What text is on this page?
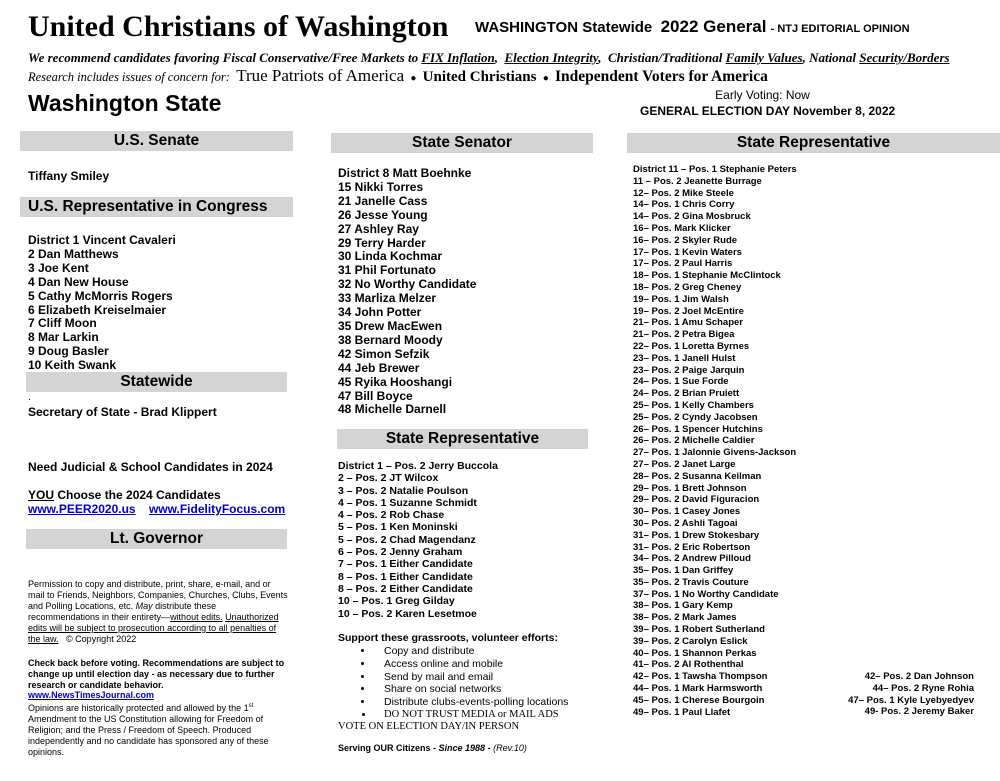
United Christians of Washington WASHINGTON Statewide 2022 General - NTJ EDITORIAL OPINION
We recommend candidates favoring Fiscal Conservative/Free Markets to FIX Inflation,  Election Integrity,  Christian/Traditional Family Values, National Security/Borders
Research includes issues of concern for: True Patriots of America ● United Christians ● Independent Voters for America
Washington State	Early Voting: Now
GENERAL ELECTION DAY November 8, 2022
U.S. Senate
Tiffany Smiley
U.S. Representative in Congress
District 1 Vincent Cavaleri
2 Dan Matthews
3 Joe Kent
4 Dan New House
5 Cathy McMorris Rogers
6 Elizabeth Kreiselmaier
7 Cliff Moon
8 Mar Larkin
9 Doug Basler
10 Keith Swank
Statewide
.
Secretary of State - Brad Klippert
Need Judicial & School Candidates in 2024
YOU Choose the 2024 Candidates
www.PEER2020.us www.FidelityFocus.com
Lt. Governor
Permission to copy and distribute, print, share, e-mail, and or mail to Friends, Neighbors, Companies, Churches, Clubs, Events and Polling Locations, etc. May distribute these recommendations in their entirety—without edits. Unauthorized edits will be subject to prosecution according to all penalties of the law. © Copyright 2022
Check back before voting. Recommendations are subject to change up until election day - as necessary due to further research or candidate behavior.
www.NewsTimesJournal.com
Opinions are historically protected and allowed by the 1st Amendment to the US Constitution allowing for Freedom of Religion; and the Press / Freedom of Speech. Produced independently and no candidate has sponsored any of these opinions.
State Senator
District 8 Matt Boehnke
15 Nikki Torres
21 Janelle Cass
26 Jesse Young
27 Ashley Ray
29 Terry Harder
30 Linda Kochmar
31 Phil Fortunato
32 No Worthy Candidate
33 Marliza Melzer
34 John Potter
35 Drew MacEwen
38 Bernard Moody
42 Simon Sefzik
44 Jeb Brewer
45 Ryika Hooshangi
47 Bill Boyce
48 Michelle Darnell
State Representative
District 1 – Pos. 2 Jerry Buccola
2 – Pos. 2 JT Wilcox
3 – Pos. 2 Natalie Poulson
4 – Pos. 1 Suzanne Schmidt
4 – Pos. 2 Rob Chase
5 – Pos. 1 Ken Moninski
5 – Pos. 2 Chad Magendanz
6 – Pos. 2 Jenny Graham
7 – Pos. 1 Either Candidate
8 – Pos. 1 Either Candidate
8 – Pos. 2 Either Candidate
10 – Pos. 1 Greg Gilday
10 – Pos. 2 Karen Lesetmoe
Support these grassroots, volunteer efforts:
• Copy and distribute
• Access online and mobile
• Send by mail and email
• Share on social networks
• Distribute clubs-events-polling locations
• DO NOT TRUST MEDIA or MAIL ADS
VOTE ON ELECTION DAY/IN PERSON
Serving OUR Citizens - Since 1988 - (Rev.10)
State Representative
District 11 – Pos. 1 Stephanie Peters
11 – Pos. 2 Jeanette Burrage
12– Pos. 2 Mike Steele
14– Pos. 1 Chris Corry
14– Pos. 2 Gina Mosbruck
16– Pos. Mark Klicker
16– Pos. 2 Skyler Rude
17– Pos. 1 Kevin Waters
17– Pos. 2 Paul Harris
18– Pos. 1 Stephanie McClintock
18– Pos. 2 Greg Cheney
19– Pos. 1 Jim Walsh
19– Pos. 2 Joel McEntire
21– Pos. 1 Amu Schaper
21– Pos. 2 Petra Bigea
22– Pos. 1 Loretta Byrnes
23– Pos. 1 Janell Hulst
23– Pos. 2 Paige Jarquin
24– Pos. 1 Sue Forde
24– Pos. 2 Brian Pruiett
25– Pos. 1 Kelly Chambers
25– Pos. 2 Cyndy Jacobsen
26– Pos. 1 Spencer Hutchins
26– Pos. 2 Michelle Caldier
27– Pos. 1 Jalonnie Givens-Jackson
27– Pos. 2 Janet Large
28– Pos. 2 Susanna Keilman
29– Pos. 1 Brett Johnson
29– Pos. 2 David Figuracion
30– Pos. 1 Casey Jones
30– Pos. 2 Ashli Tagoai
31– Pos. 1 Drew Stokesbary
31– Pos. 2 Eric Robertson
34– Pos. 2 Andrew Pilloud
35– Pos. 1 Dan Griffey
35– Pos. 2 Travis Couture
37– Pos. 1 No Worthy Candidate
38– Pos. 1 Gary Kemp
38– Pos. 2 Mark James
39– Pos. 1 Robert Sutherland
39– Pos. 2 Carolyn Eslick
40– Pos. 1 Shannon Perkas
41– Pos. 2 Al Rothenthal
42– Pos. 1 Tawsha Thompson
44– Pos. 1 Mark Harmsworth
45– Pos. 1 Cherese Bourgoin
49– Pos. 1 Paul Llafet
42– Pos. 2 Dan Johnson
44– Pos. 2 Ryne Rohia
47– Pos. 1 Kyle Lyebyedyev
49- Pos. 2 Jeremy Baker
